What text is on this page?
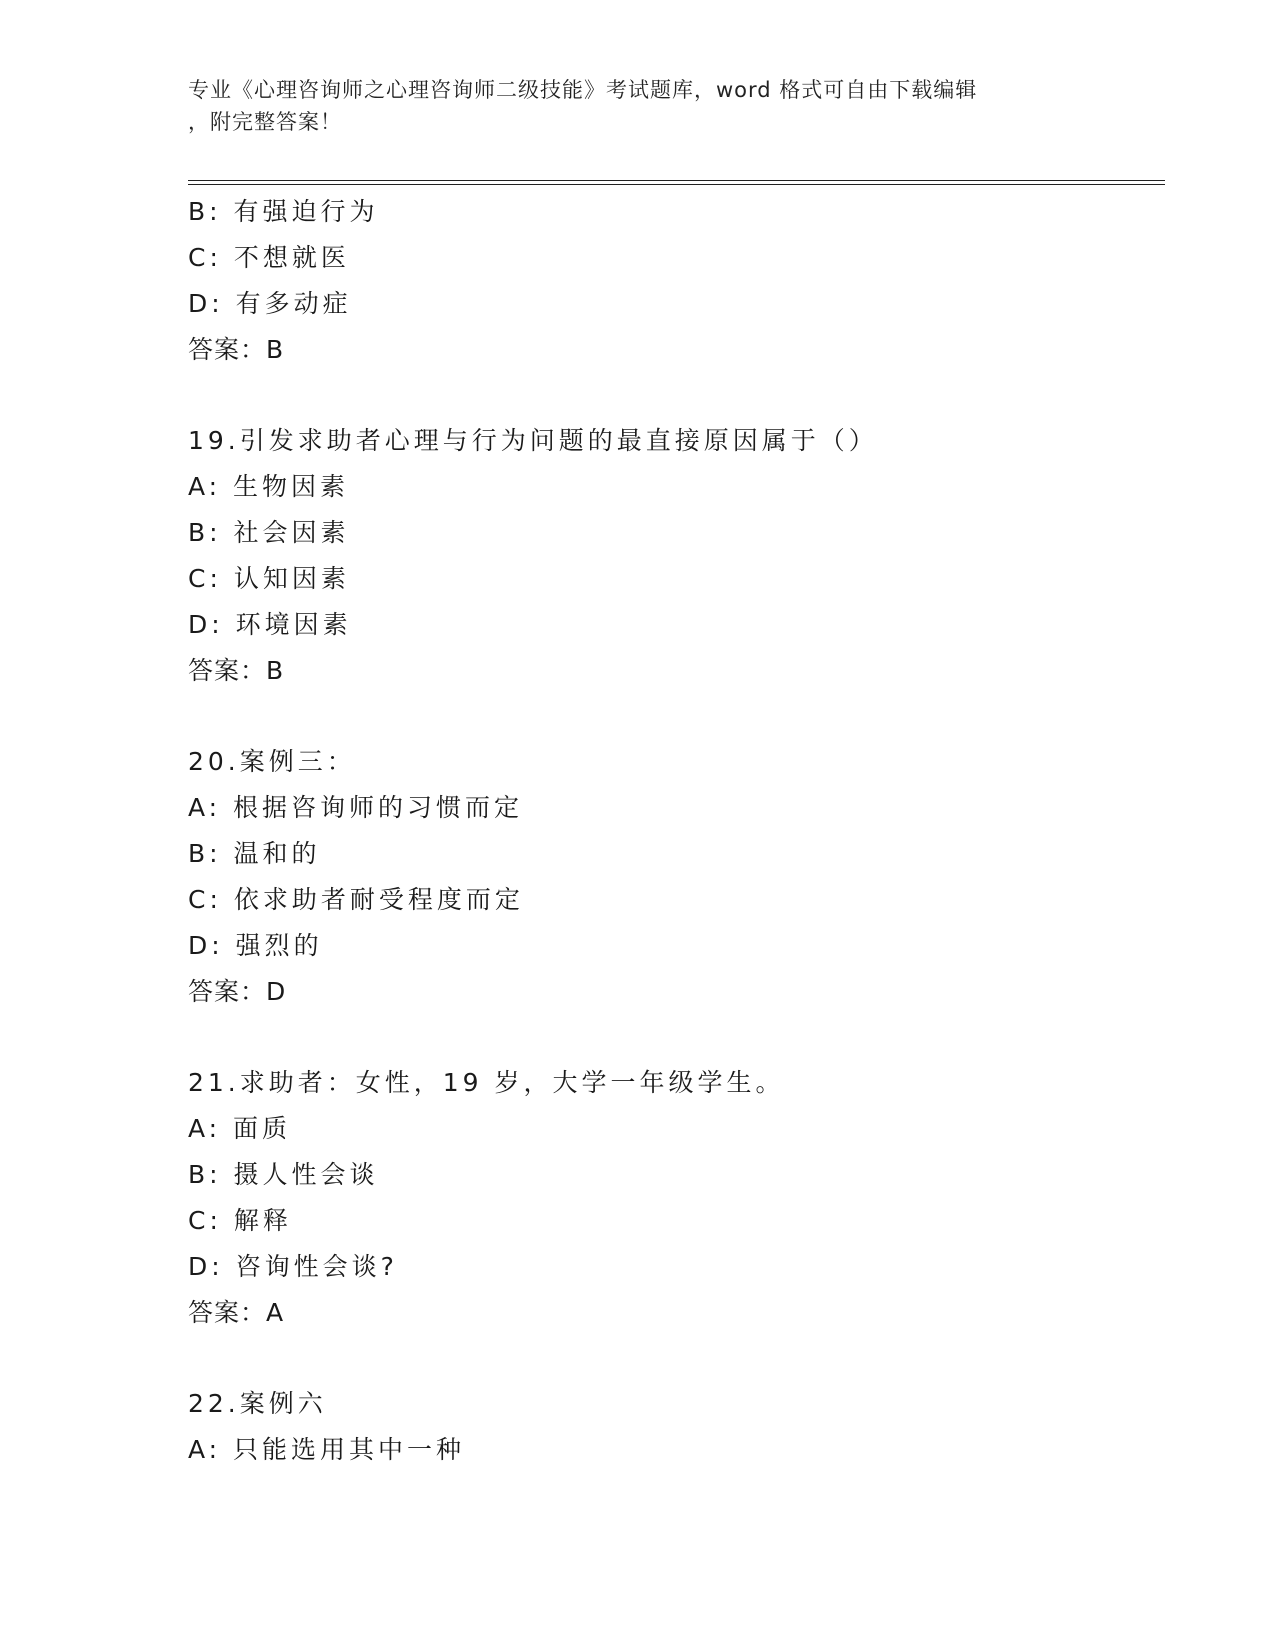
专业《心理咨询师之心理咨询师二级技能》考试题库，word 格式可自由下载编辑
，附完整答案！
B: 有强迫行为
C: 不想就医
D: 有多动症
答案：B
19.引发求助者心理与行为问题的最直接原因属于（）
A: 生物因素
B: 社会因素
C: 认知因素
D: 环境因素
答案：B
20.案例三：
A: 根据咨询师的习惯而定
B: 温和的
C: 依求助者耐受程度而定
D: 强烈的
答案：D
21.求助者：女性，19 岁，大学一年级学生。
A: 面质
B: 摄人性会谈
C: 解释
D: 咨询性会谈?
答案：A
22.案例六
A: 只能选用其中一种
